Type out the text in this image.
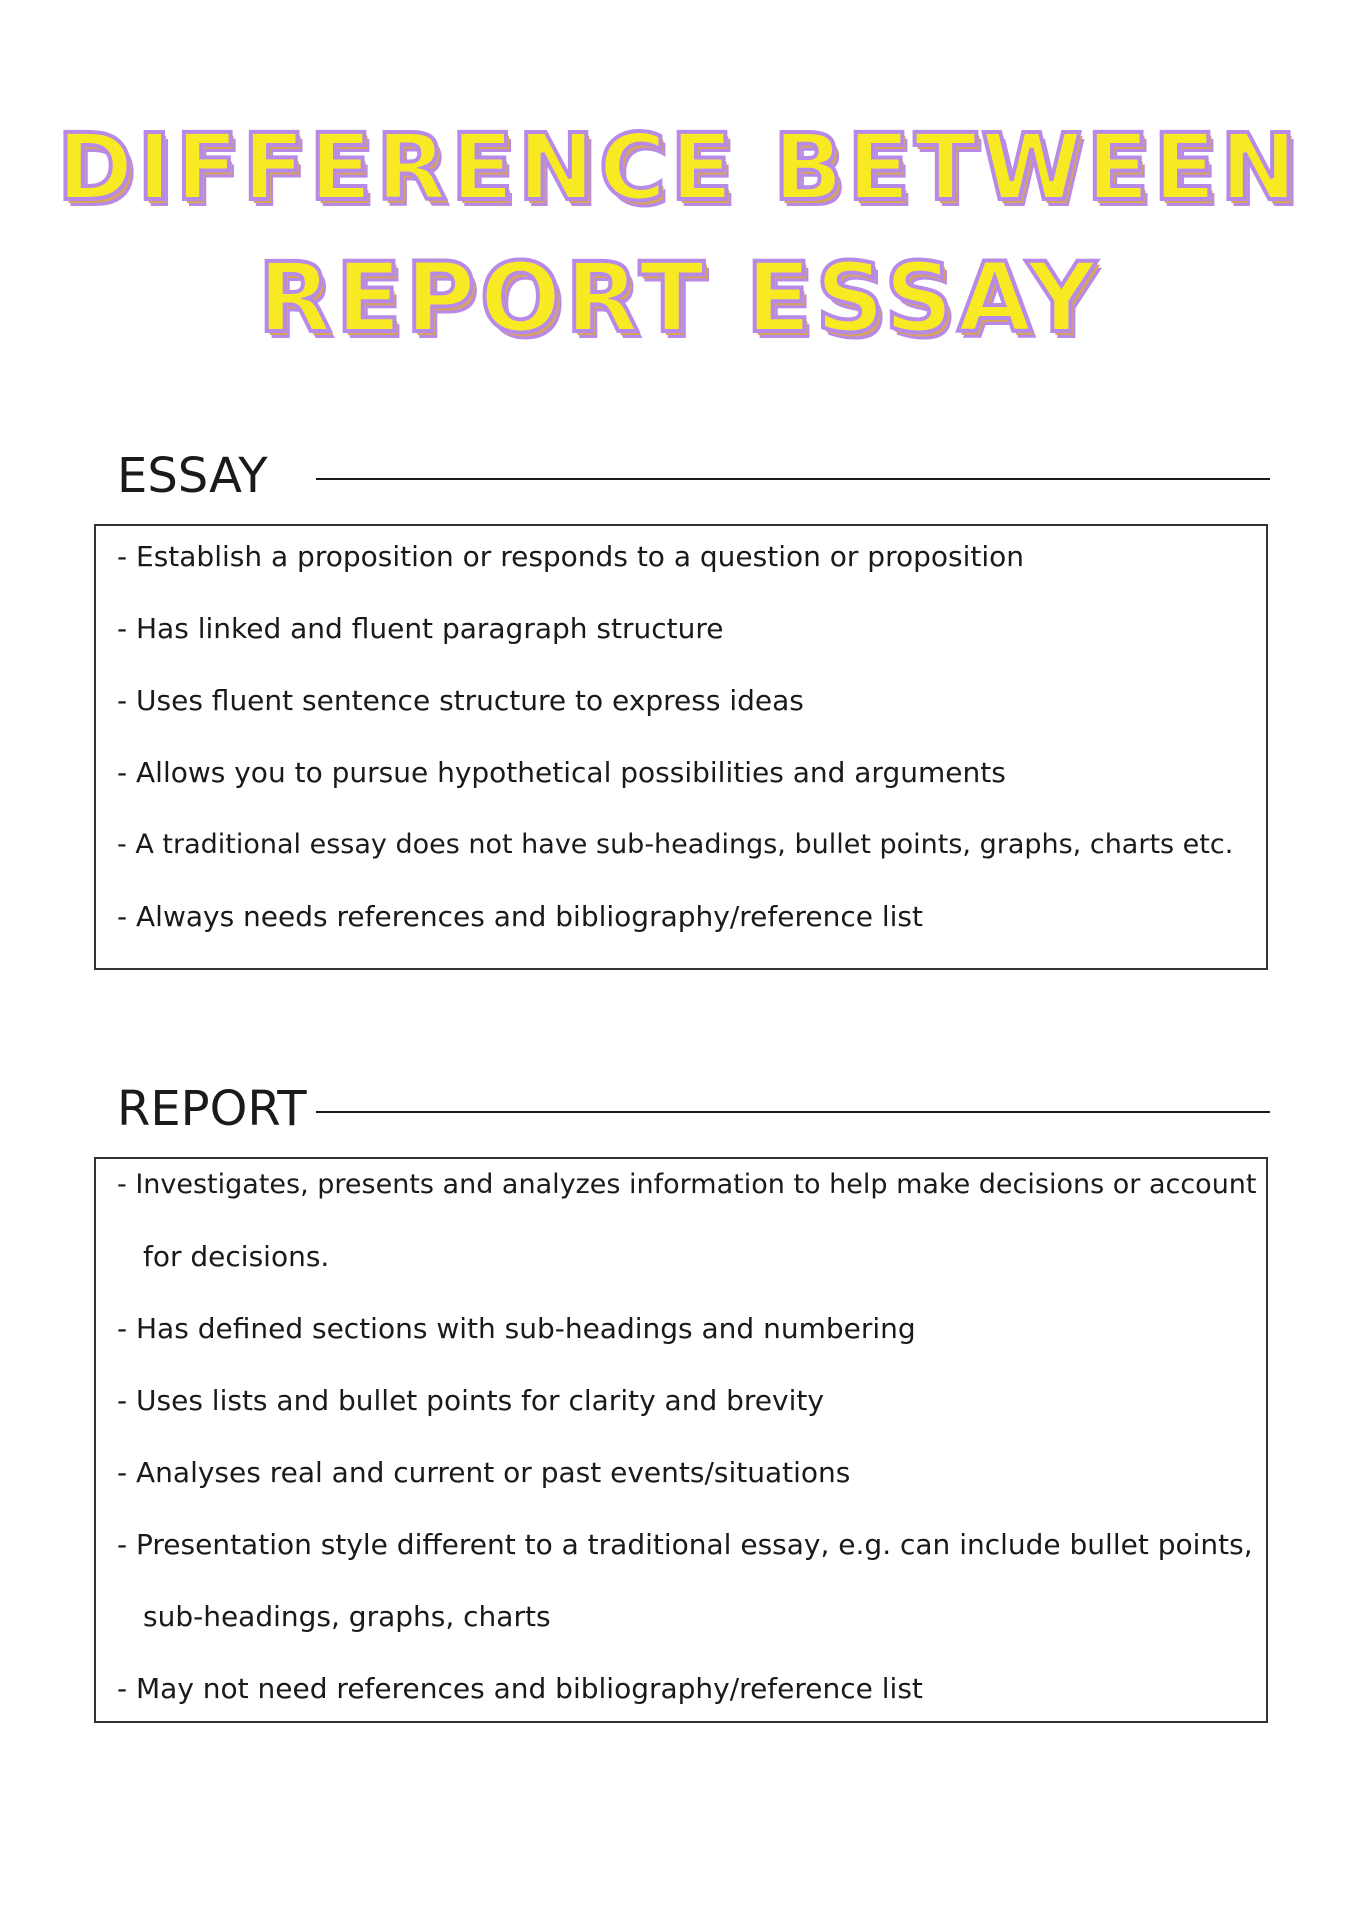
DIFFERENCE BETWEEN
REPORT ESSAY
ESSAY
- Establish a proposition or responds to a question or proposition
- Has linked and fluent paragraph structure
- Uses fluent sentence structure to express ideas
- Allows you to pursue hypothetical possibilities and arguments
- A traditional essay does not have sub-headings, bullet points, graphs, charts etc.
- Always needs references and bibliography/reference list
REPORT
- Investigates, presents and analyzes information to help make decisions or account
for decisions.
- Has defined sections with sub-headings and numbering
- Uses lists and bullet points for clarity and brevity
- Analyses real and current or past events/situations
- Presentation style different to a traditional essay, e.g. can include bullet points,
sub-headings, graphs, charts
- May not need references and bibliography/reference list
